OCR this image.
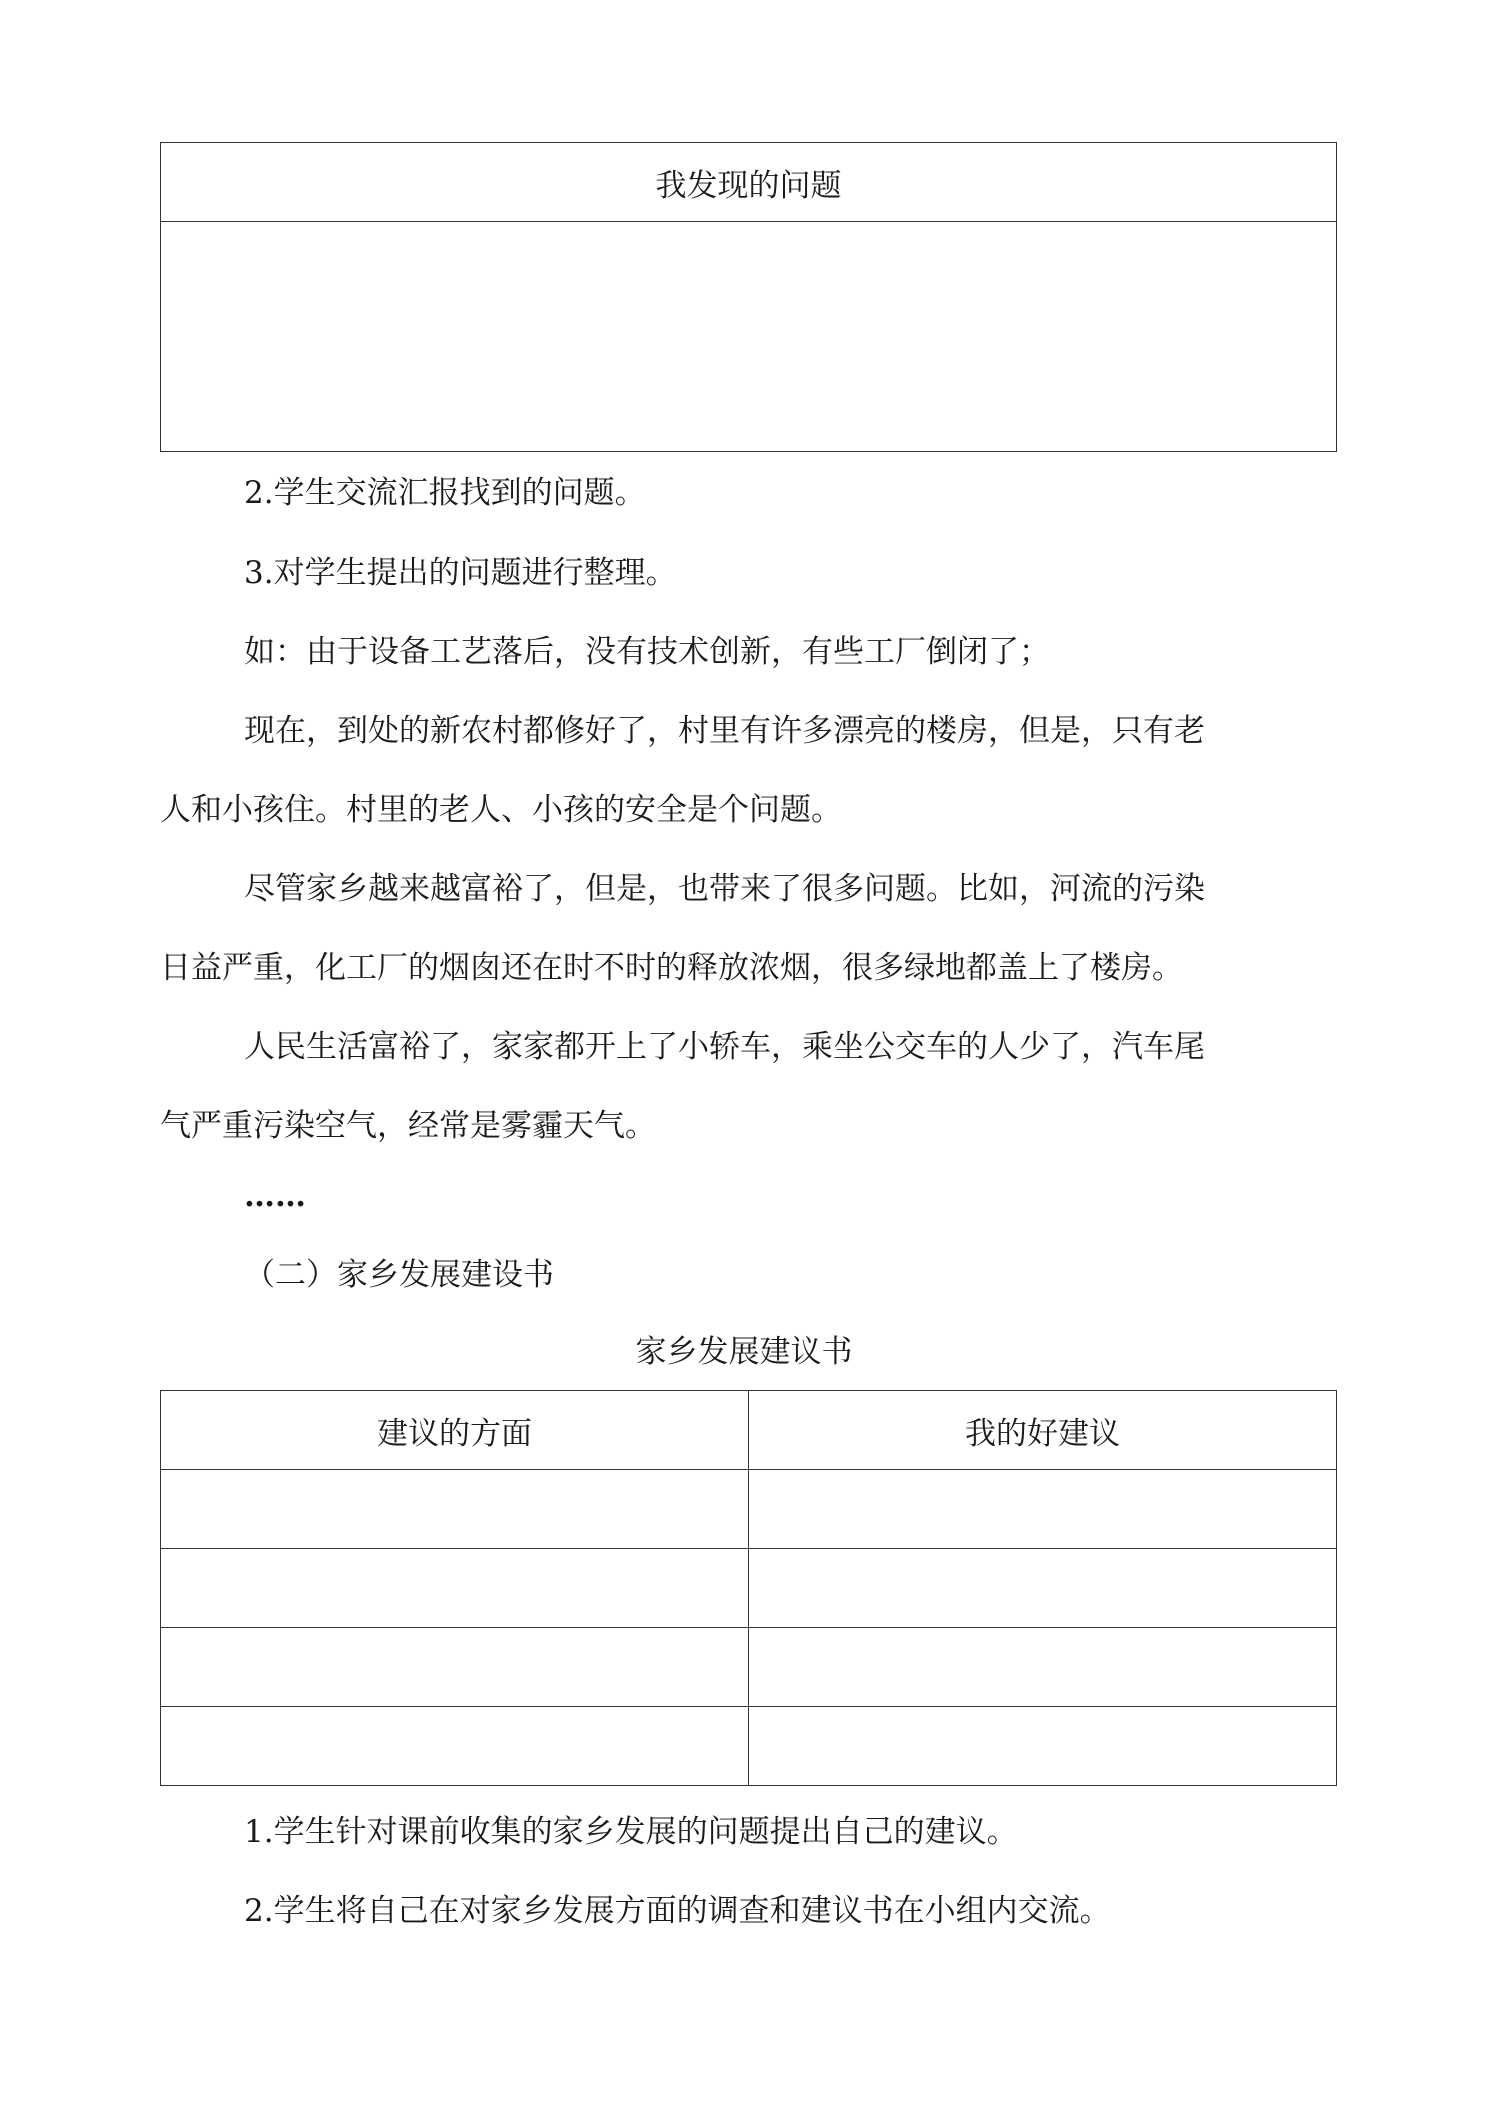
我发现的问题

2.学生交流汇报找到的问题。
3.对学生提出的问题进行整理。
如：由于设备工艺落后，没有技术创新，有些工厂倒闭了；
现在，到处的新农村都修好了，村里有许多漂亮的楼房，但是，只有老
人和小孩住。村里的老人、小孩的安全是个问题。
尽管家乡越来越富裕了，但是，也带来了很多问题。比如，河流的污染
日益严重，化工厂的烟囱还在时不时的释放浓烟，很多绿地都盖上了楼房。
人民生活富裕了，家家都开上了小轿车，乘坐公交车的人少了，汽车尾
气严重污染空气，经常是雾霾天气。
……
（二）家乡发展建设书
家乡发展建议书
建议的方面	我的好建议

1.学生针对课前收集的家乡发展的问题提出自己的建议。
2.学生将自己在对家乡发展方面的调查和建议书在小组内交流。
